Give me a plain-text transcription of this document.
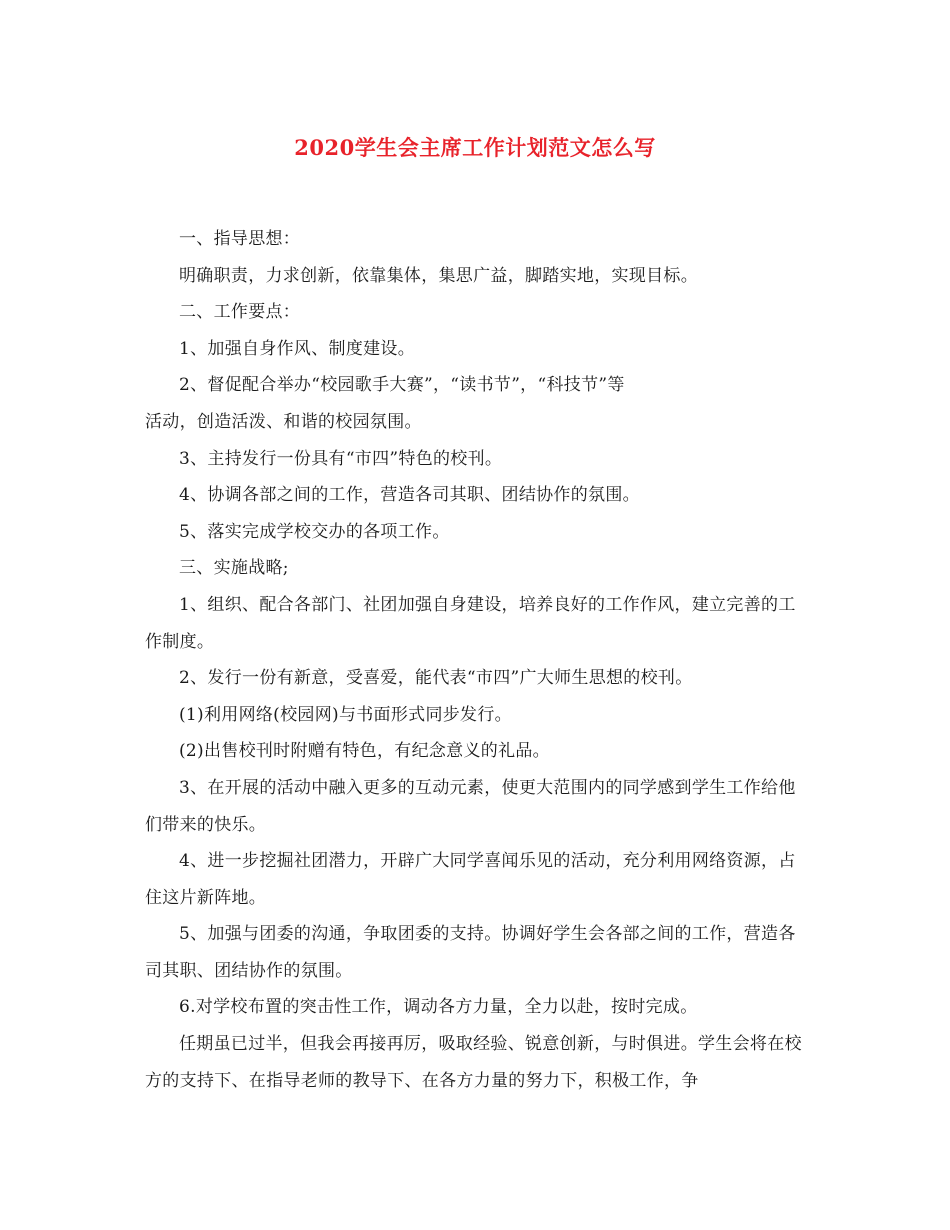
2020学生会主席工作计划范文怎么写

一、指导思想：

明确职责，力求创新，依靠集体，集思广益，脚踏实地，实现目标。

二、工作要点：

1、加强自身作风、制度建设。

2、督促配合举办“校园歌手大赛”，“读书节”，“科技节”等

活动，创造活泼、和谐的校园氛围。

3、主持发行一份具有“市四”特色的校刊。

4、协调各部之间的工作，营造各司其职、团结协作的氛围。

5、落实完成学校交办的各项工作。

三、实施战略;

1、组织、配合各部门、社团加强自身建设，培养良好的工作作风，建立完善的工作制度。

2、发行一份有新意，受喜爱，能代表“市四”广大师生思想的校刊。

(1)利用网络(校园网)与书面形式同步发行。

(2)出售校刊时附赠有特色，有纪念意义的礼品。

3、在开展的活动中融入更多的互动元素，使更大范围内的同学感到学生工作给他们带来的快乐。

4、进一步挖掘社团潜力，开辟广大同学喜闻乐见的活动，充分利用网络资源，占住这片新阵地。

5、加强与团委的沟通，争取团委的支持。协调好学生会各部之间的工作，营造各司其职、团结协作的氛围。

6.对学校布置的突击性工作，调动各方力量，全力以赴，按时完成。

任期虽已过半，但我会再接再厉，吸取经验、锐意创新，与时俱进。学生会将在校方的支持下、在指导老师的教导下、在各方力量的努力下，积极工作，争
